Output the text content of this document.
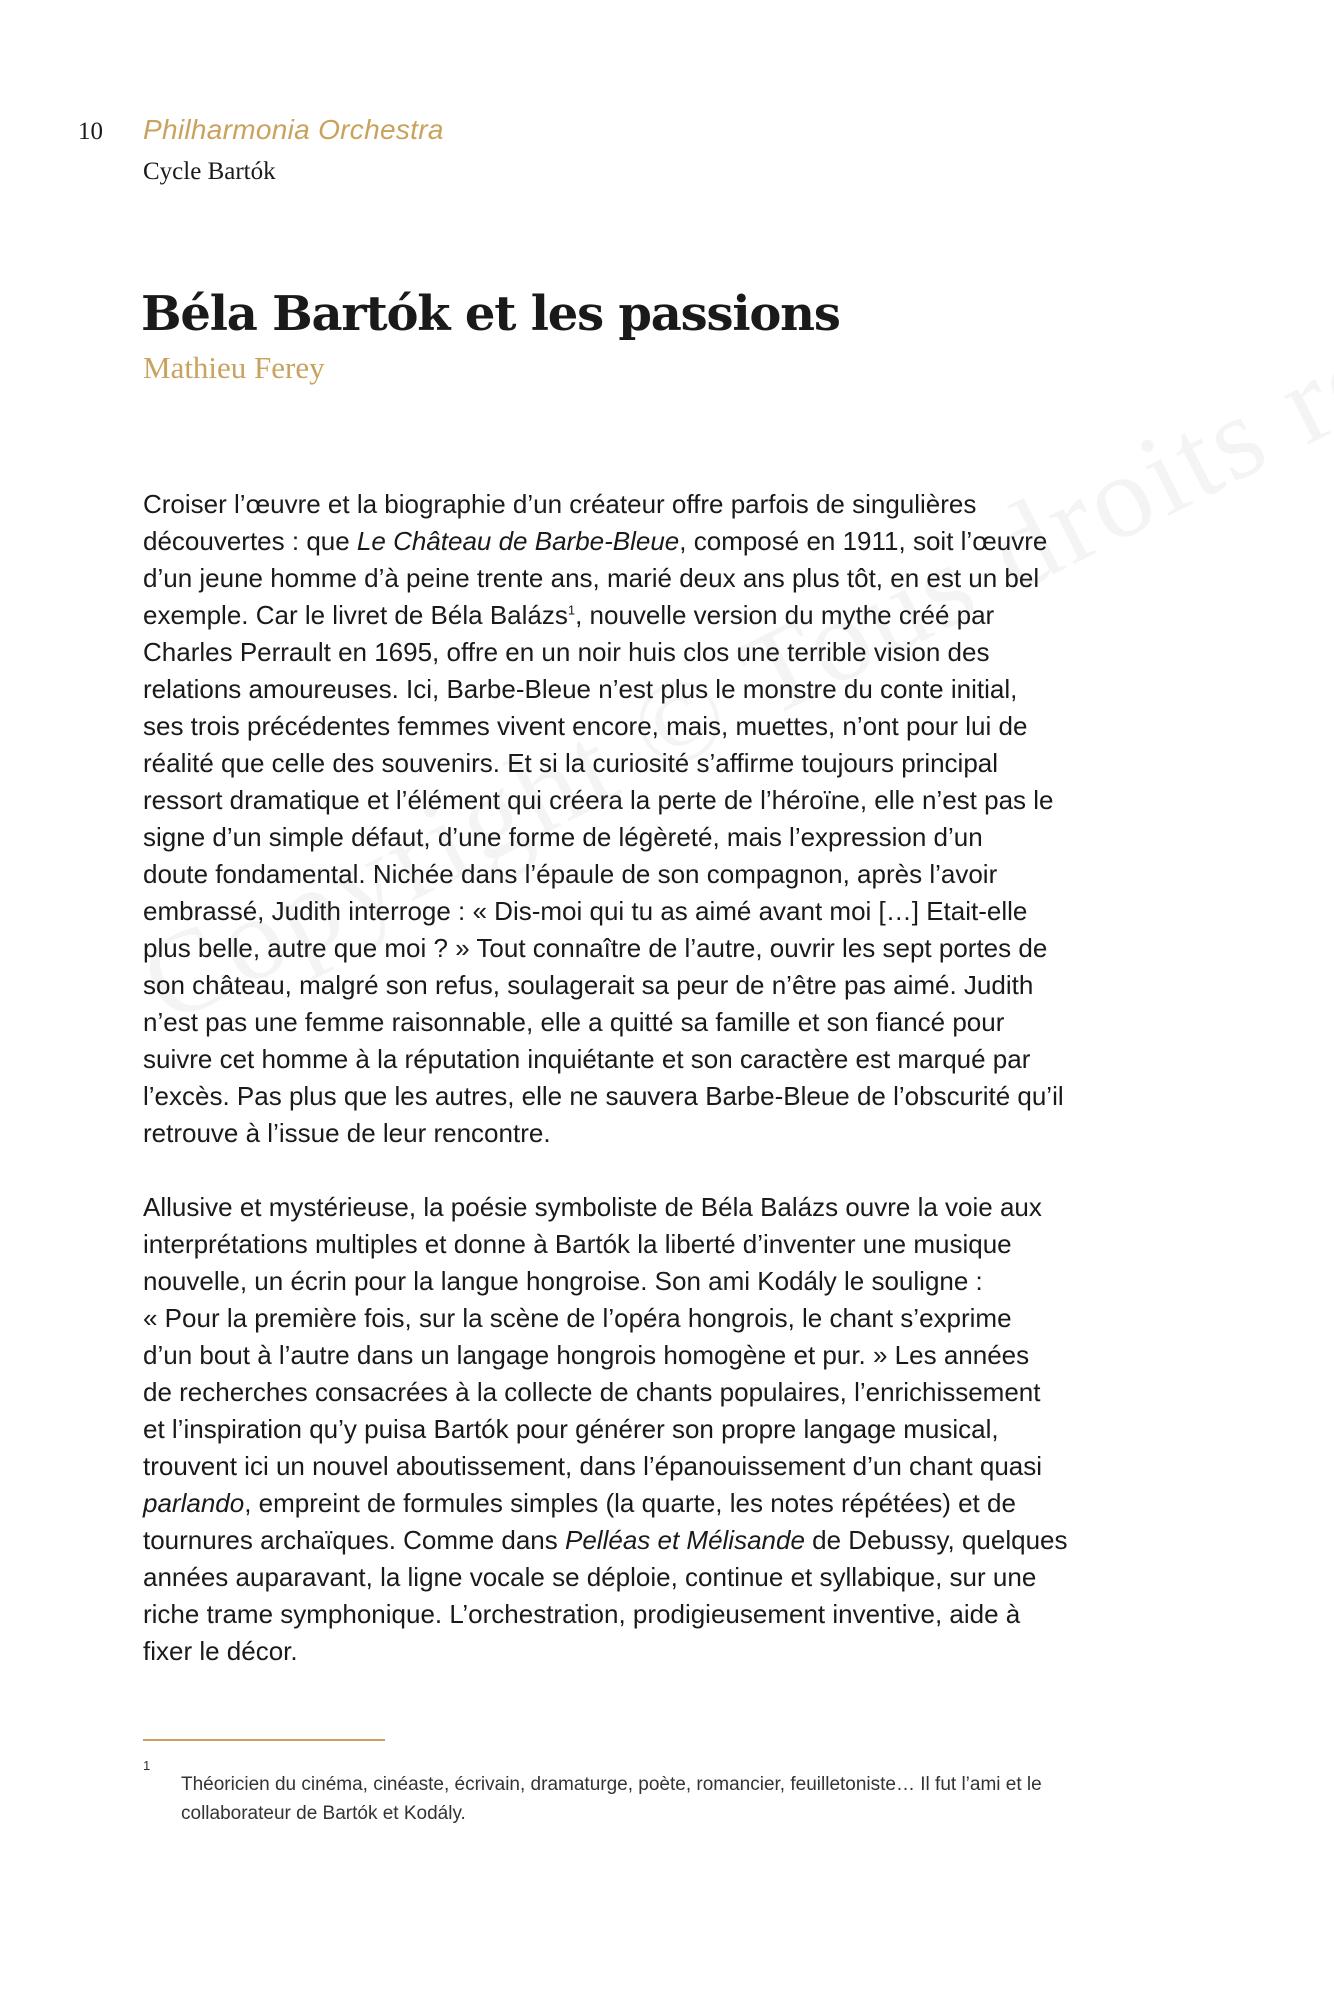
10 Philharmonia Orchestra
Cycle Bartók
Béla Bartók et les passions
Mathieu Ferey

Croiser l’œuvre et la biographie d’un créateur offre parfois de singulières
découvertes : que Le Château de Barbe-Bleue, composé en 1911, soit l’œuvre
d’un jeune homme d’à peine trente ans, marié deux ans plus tôt, en est un bel
exemple. Car le livret de Béla Balázs$^1$, nouvelle version du mythe créé par
Charles Perrault en 1695, offre en un noir huis clos une terrible vision des
relations amoureuses. Ici, Barbe-Bleue n’est plus le monstre du conte initial,
ses trois précédentes femmes vivent encore, mais, muettes, n’ont pour lui de
réalité que celle des souvenirs. Et si la curiosité s’affirme toujours principal
ressort dramatique et l’élément qui créera la perte de l’héroïne, elle n’est pas le
signe d’un simple défaut, d’une forme de légèreté, mais l’expression d’un
doute fondamental. Nichée dans l’épaule de son compagnon, après l’avoir
embrassé, Judith interroge : « Dis-moi qui tu as aimé avant moi […] Etait-elle
plus belle, autre que moi ? » Tout connaître de l’autre, ouvrir les sept portes de
son château, malgré son refus, soulagerait sa peur de n’être pas aimé. Judith
n’est pas une femme raisonnable, elle a quitté sa famille et son fiancé pour
suivre cet homme à la réputation inquiétante et son caractère est marqué par
l’excès. Pas plus que les autres, elle ne sauvera Barbe-Bleue de l’obscurité qu’il
retrouve à l’issue de leur rencontre.

Allusive et mystérieuse, la poésie symboliste de Béla Balázs ouvre la voie aux
interprétations multiples et donne à Bartók la liberté d’inventer une musique
nouvelle, un écrin pour la langue hongroise. Son ami Kodály le souligne :
« Pour la première fois, sur la scène de l’opéra hongrois, le chant s’exprime
d’un bout à l’autre dans un langage hongrois homogène et pur. » Les années
de recherches consacrées à la collecte de chants populaires, l’enrichissement
et l’inspiration qu’y puisa Bartók pour générer son propre langage musical,
trouvent ici un nouvel aboutissement, dans l’épanouissement d’un chant quasi
parlando, empreint de formules simples (la quarte, les notes répétées) et de
tournures archaïques. Comme dans Pelléas et Mélisande de Debussy, quelques
années auparavant, la ligne vocale se déploie, continue et syllabique, sur une
riche trame symphonique. L’orchestration, prodigieusement inventive, aide à
fixer le décor.

1
Théoricien du cinéma, cinéaste, écrivain, dramaturge, poète, romancier, feuilletoniste… Il fut l’ami et le
collaborateur de Bartók et Kodály.
